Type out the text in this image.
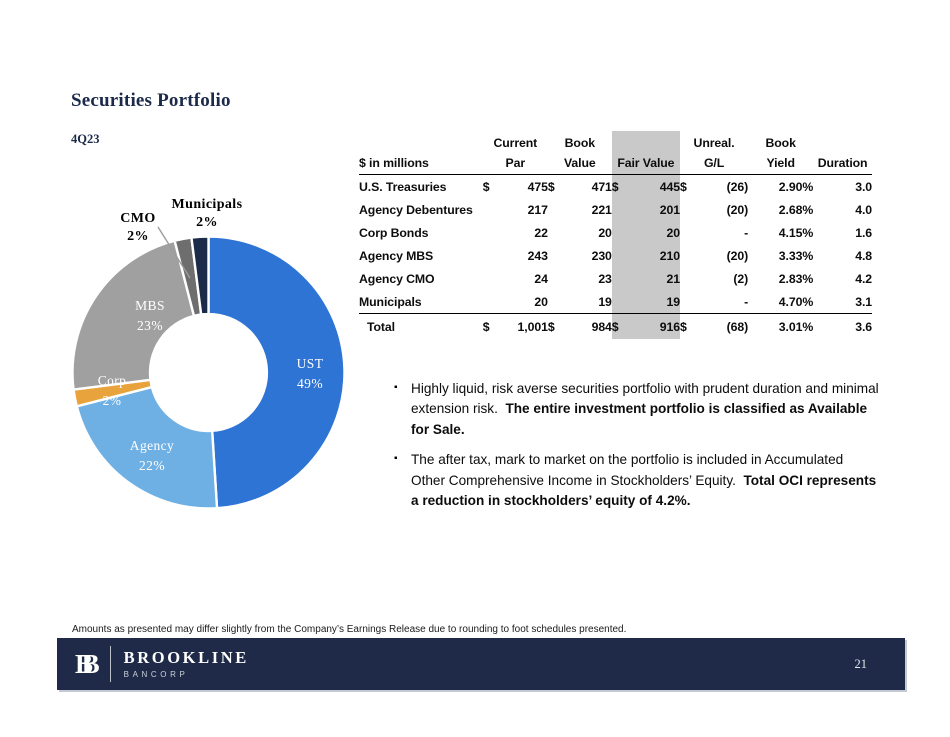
Securities Portfolio
4Q23
UST
49%
Agency
22%
Corp
2%
MBS
23%
CMO
2%
Municipals
2%
	Current		Book				Unreal.		Book	
$ in millions	Par		Value		Fair Value		G/L		Yield	Duration
U.S. Treasuries	$	475	$	471	$	445	$	(26)	2.90%	3.0
Agency Debentures		217		221		201		(20)	2.68%	4.0
Corp Bonds		22		20		20		-	4.15%	1.6
Agency MBS		243		230		210		(20)	3.33%	4.8
Agency CMO		24		23		21		(2)	2.83%	4.2
Municipals		20		19		19		-	4.70%	3.1
Total	$	1,001	$	984	$	916	$	(68)	3.01%	3.6
▪ Highly liquid, risk averse securities portfolio with prudent duration and minimal extension risk.  The entire investment portfolio is classified as Available for Sale.
▪ The after tax, mark to market on the portfolio is included in Accumulated Other Comprehensive Income in Stockholders’ Equity.  Total OCI represents a reduction in stockholders’ equity of 4.2%.
Amounts as presented may differ slightly from the Company’s Earnings Release due to rounding to foot schedules presented.
BB	BROOKLINE
BANCORP
21
